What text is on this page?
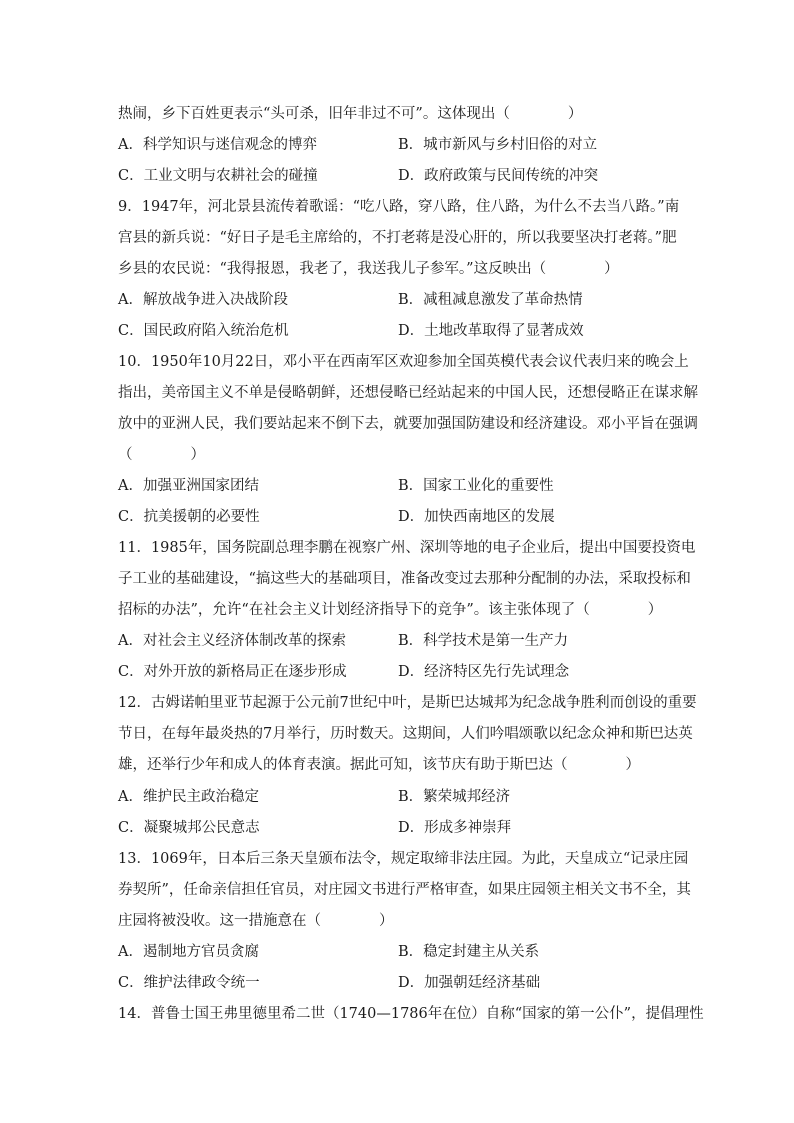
热闹，乡下百姓更表示“头可杀，旧年非过不可”。这体现出（　　　　）
A．科学知识与迷信观念的博弈	B．城市新风与乡村旧俗的对立
C．工业文明与农耕社会的碰撞	D．政府政策与民间传统的冲突
9．1947年，河北景县流传着歌谣：“吃八路，穿八路，住八路，为什么不去当八路。”南
宫县的新兵说：“好日子是毛主席给的，不打老蒋是没心肝的，所以我要坚决打老蒋。”肥
乡县的农民说：“我得报恩，我老了，我送我儿子参军。”这反映出（　　　　）
A．解放战争进入决战阶段	B．减租减息激发了革命热情
C．国民政府陷入统治危机	D．土地改革取得了显著成效
10．1950年10月22日，邓小平在西南军区欢迎参加全国英模代表会议代表归来的晚会上
指出，美帝国主义不单是侵略朝鲜，还想侵略已经站起来的中国人民，还想侵略正在谋求解
放中的亚洲人民，我们要站起来不倒下去，就要加强国防建设和经济建设。邓小平旨在强调
（　　　　）
A．加强亚洲国家团结	B．国家工业化的重要性
C．抗美援朝的必要性	D．加快西南地区的发展
11．1985年，国务院副总理李鹏在视察广州、深圳等地的电子企业后，提出中国要投资电
子工业的基础建设，“搞这些大的基础项目，准备改变过去那种分配制的办法，采取投标和
招标的办法”，允许“在社会主义计划经济指导下的竞争”。该主张体现了（　　　　）
A．对社会主义经济体制改革的探索	B．科学技术是第一生产力
C．对外开放的新格局正在逐步形成	D．经济特区先行先试理念
12．古姆诺帕里亚节起源于公元前7世纪中叶，是斯巴达城邦为纪念战争胜利而创设的重要
节日，在每年最炎热的7月举行，历时数天。这期间，人们吟唱颂歌以纪念众神和斯巴达英
雄，还举行少年和成人的体育表演。据此可知，该节庆有助于斯巴达（　　　　）
A．维护民主政治稳定	B．繁荣城邦经济
C．凝聚城邦公民意志	D．形成多神崇拜
13．1069年，日本后三条天皇颁布法令，规定取缔非法庄园。为此，天皇成立“记录庄园
券契所”，任命亲信担任官员，对庄园文书进行严格审查，如果庄园领主相关文书不全，其
庄园将被没收。这一措施意在（　　　　）
A．遏制地方官员贪腐	B．稳定封建主从关系
C．维护法律政令统一	D．加强朝廷经济基础
14．普鲁士国王弗里德里希二世（1740—1786年在位）自称“国家的第一公仆”，提倡理性
